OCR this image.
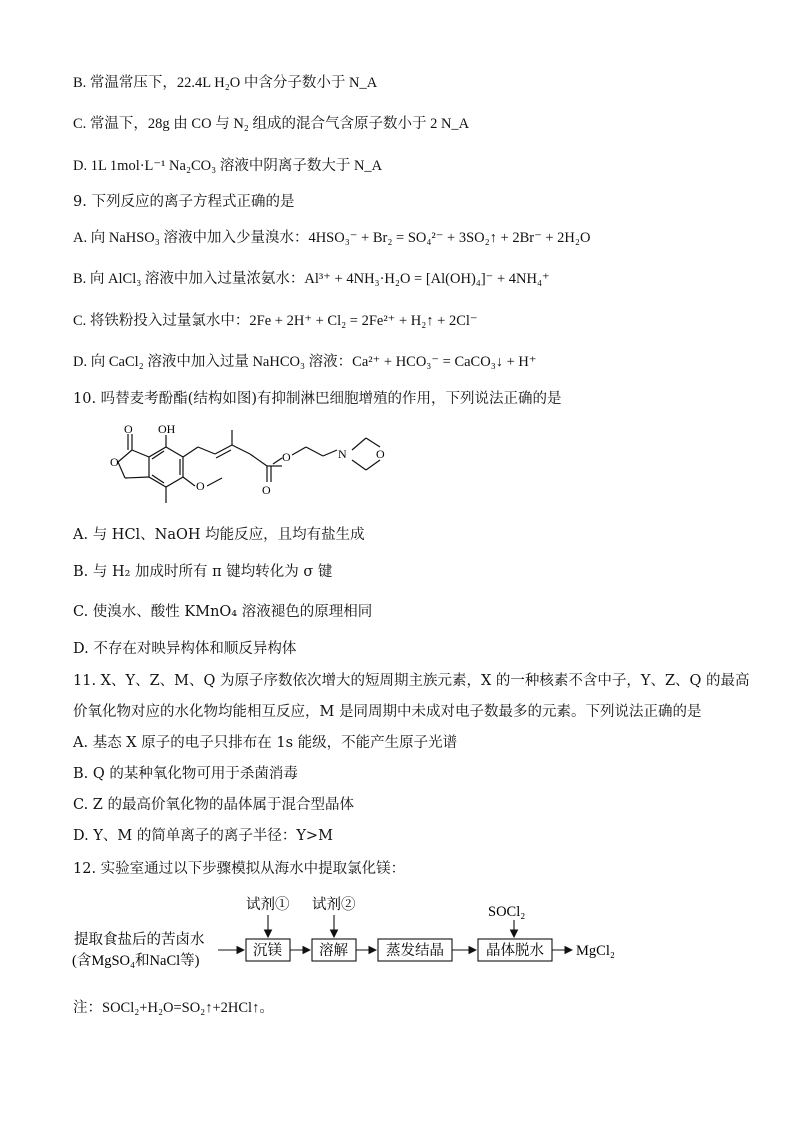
B. 常温常压下，22.4L H₂O 中含分子数小于 N_A
C. 常温下，28g 由 CO 与 N₂ 组成的混合气含原子数小于 2 N_A
D. 1L 1mol·L⁻¹ Na₂CO₃ 溶液中阴离子数大于 N_A
9. 下列反应的离子方程式正确的是
A. 向 NaHSO₃ 溶液中加入少量溴水：4HSO₃⁻ + Br₂ = SO₄²⁻ + 3SO₂↑ + 2Br⁻ + 2H₂O
B. 向 AlCl₃ 溶液中加入过量浓氨水：Al³⁺ + 4NH₃·H₂O = [Al(OH)₄]⁻ + 4NH₄⁺
C. 将铁粉投入过量氯水中：2Fe + 2H⁺ + Cl₂ = 2Fe²⁺ + H₂↑ + 2Cl⁻
D. 向 CaCl₂ 溶液中加入过量 NaHCO₃ 溶液：Ca²⁺ + HCO₃⁻ = CaCO₃↓ + H⁺
10. 吗替麦考酚酯(结构如图)有抑制淋巴细胞增殖的作用，下列说法正确的是
O
O
OH
O	O
O	N O
A. 与 HCl、NaOH 均能反应，且均有盐生成
B. 与 H₂ 加成时所有 π 键均转化为 σ 键
C. 使溴水、酸性 KMnO₄ 溶液褪色的原理相同
D. 不存在对映异构体和顺反异构体
11. X、Y、Z、M、Q 为原子序数依次增大的短周期主族元素，X 的一种核素不含中子，Y、Z、Q 的最高
价氧化物对应的水化物均能相互反应，M 是同周期中未成对电子数最多的元素。下列说法正确的是
A. 基态 X 原子的电子只排布在 1s 能级，不能产生原子光谱
B. Q 的某种氧化物可用于杀菌消毒
C. Z 的最高价氧化物的晶体属于混合型晶体
D. Y、M 的简单离子的离子半径：Y>M
12. 实验室通过以下步骤模拟从海水中提取氯化镁：
提取食盐后的苦卤水
(含MgSO₄和NaCl等)
试剂① 试剂②	SOCl₂
沉镁	溶解	蒸发结晶	晶体脱水 MgCl₂
注：SOCl₂+H₂O=SO₂↑+2HCl↑。
